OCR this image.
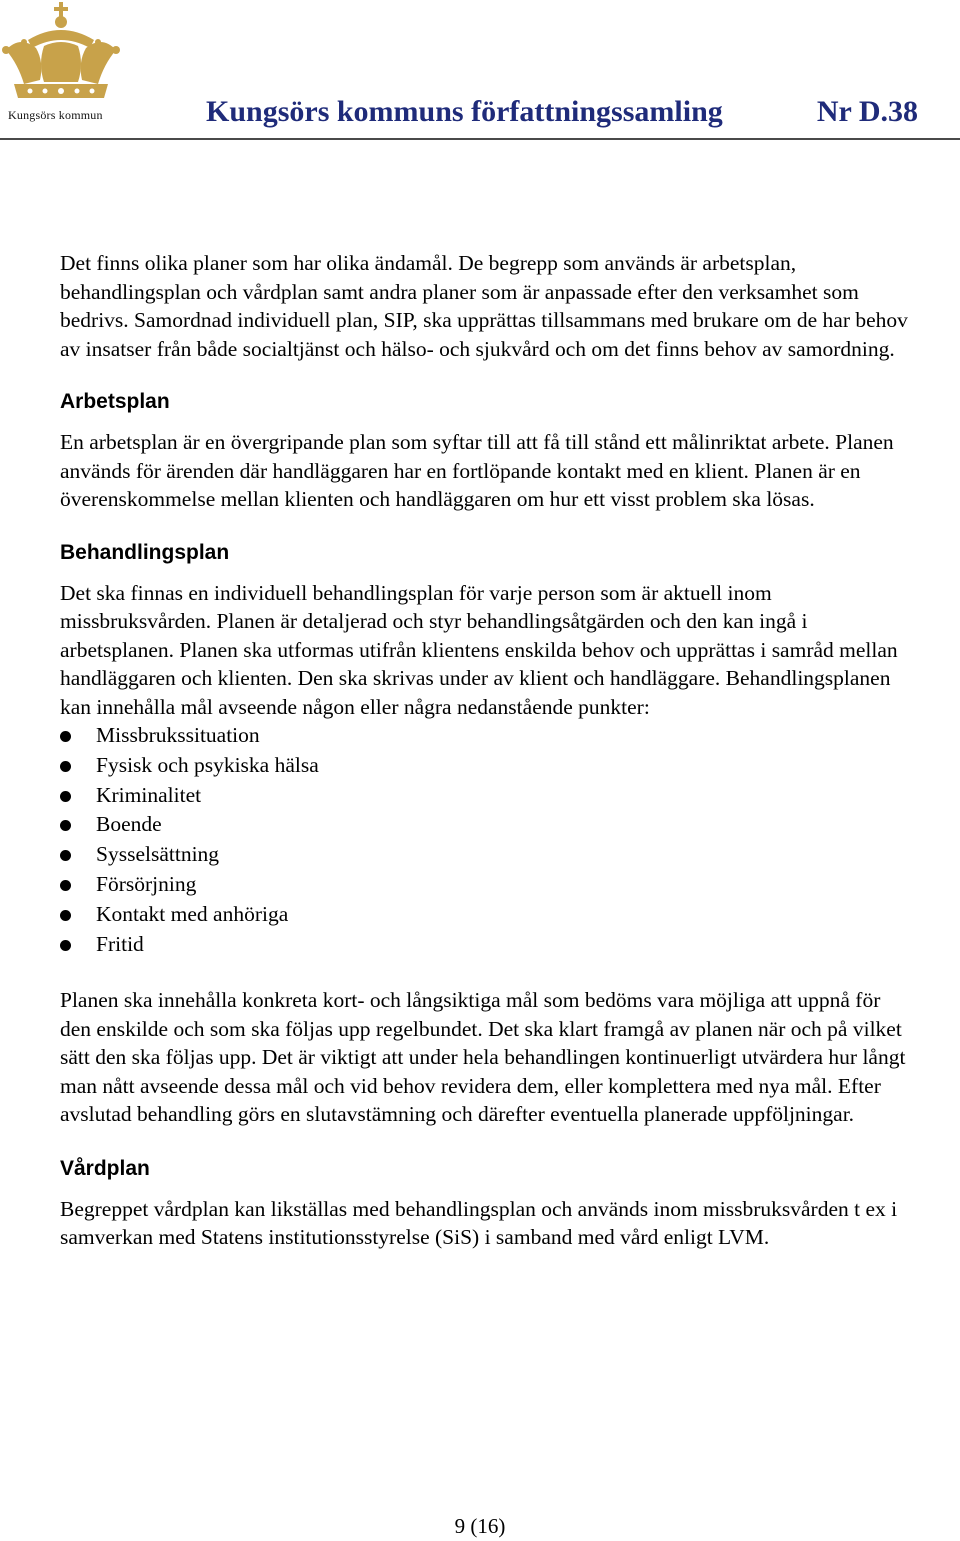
Kungsörs kommun	Kungsörs kommuns författningssamling	Nr D.38

Det finns olika planer som har olika ändamål. De begrepp som används är arbetsplan, behandlingsplan och vårdplan samt andra planer som är anpassade efter den verksamhet som bedrivs. Samordnad individuell plan, SIP, ska upprättas tillsammans med brukare om de har behov av insatser från både socialtjänst och hälso- och sjukvård och om det finns behov av samordning.

Arbetsplan

En arbetsplan är en övergripande plan som syftar till att få till stånd ett målinriktat arbete. Planen används för ärenden där handläggaren har en fortlöpande kontakt med en klient. Planen är en överenskommelse mellan klienten och handläggaren om hur ett visst problem ska lösas.

Behandlingsplan

Det ska finnas en individuell behandlingsplan för varje person som är aktuell inom missbruksvården. Planen är detaljerad och styr behandlingsåtgärden och den kan ingå i arbetsplanen. Planen ska utformas utifrån klientens enskilda behov och upprättas i samråd mellan handläggaren och klienten. Den ska skrivas under av klient och handläggare. Behandlingsplanen kan innehålla mål avseende någon eller några nedanstående punkter:

Missbrukssituation
Fysisk och psykiska hälsa
Kriminalitet
Boende
Sysselsättning
Försörjning
Kontakt med anhöriga
Fritid

Planen ska innehålla konkreta kort- och långsiktiga mål som bedöms vara möjliga att uppnå för den enskilde och som ska följas upp regelbundet. Det ska klart framgå av planen när och på vilket sätt den ska följas upp. Det är viktigt att under hela behandlingen kontinuerligt utvärdera hur långt man nått avseende dessa mål och vid behov revidera dem, eller komplettera med nya mål. Efter avslutad behandling görs en slutavstämning och därefter eventuella planerade uppföljningar.

Vårdplan

Begreppet vårdplan kan likställas med behandlingsplan och används inom missbruksvården t ex i samverkan med Statens institutionsstyrelse (SiS) i samband med vård enligt LVM.

9 (16)
